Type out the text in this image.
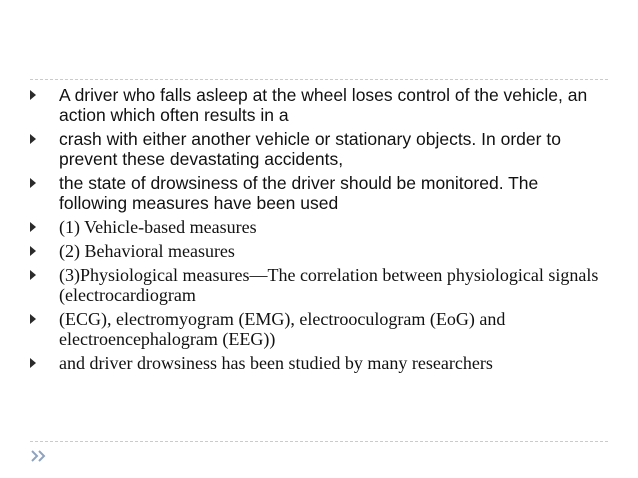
A driver who falls asleep at the wheel loses control of the vehicle, an action which often results in a
crash with either another vehicle or stationary objects. In order to prevent these devastating accidents,
the state of drowsiness of the driver should be monitored. The following measures have been used
(1) Vehicle-based measures
(2) Behavioral measures
(3)Physiological measures—The correlation between physiological signals (electrocardiogram
(ECG), electromyogram (EMG), electrooculogram (EoG) and electroencephalogram (EEG))
and driver drowsiness has been studied by many researchers
